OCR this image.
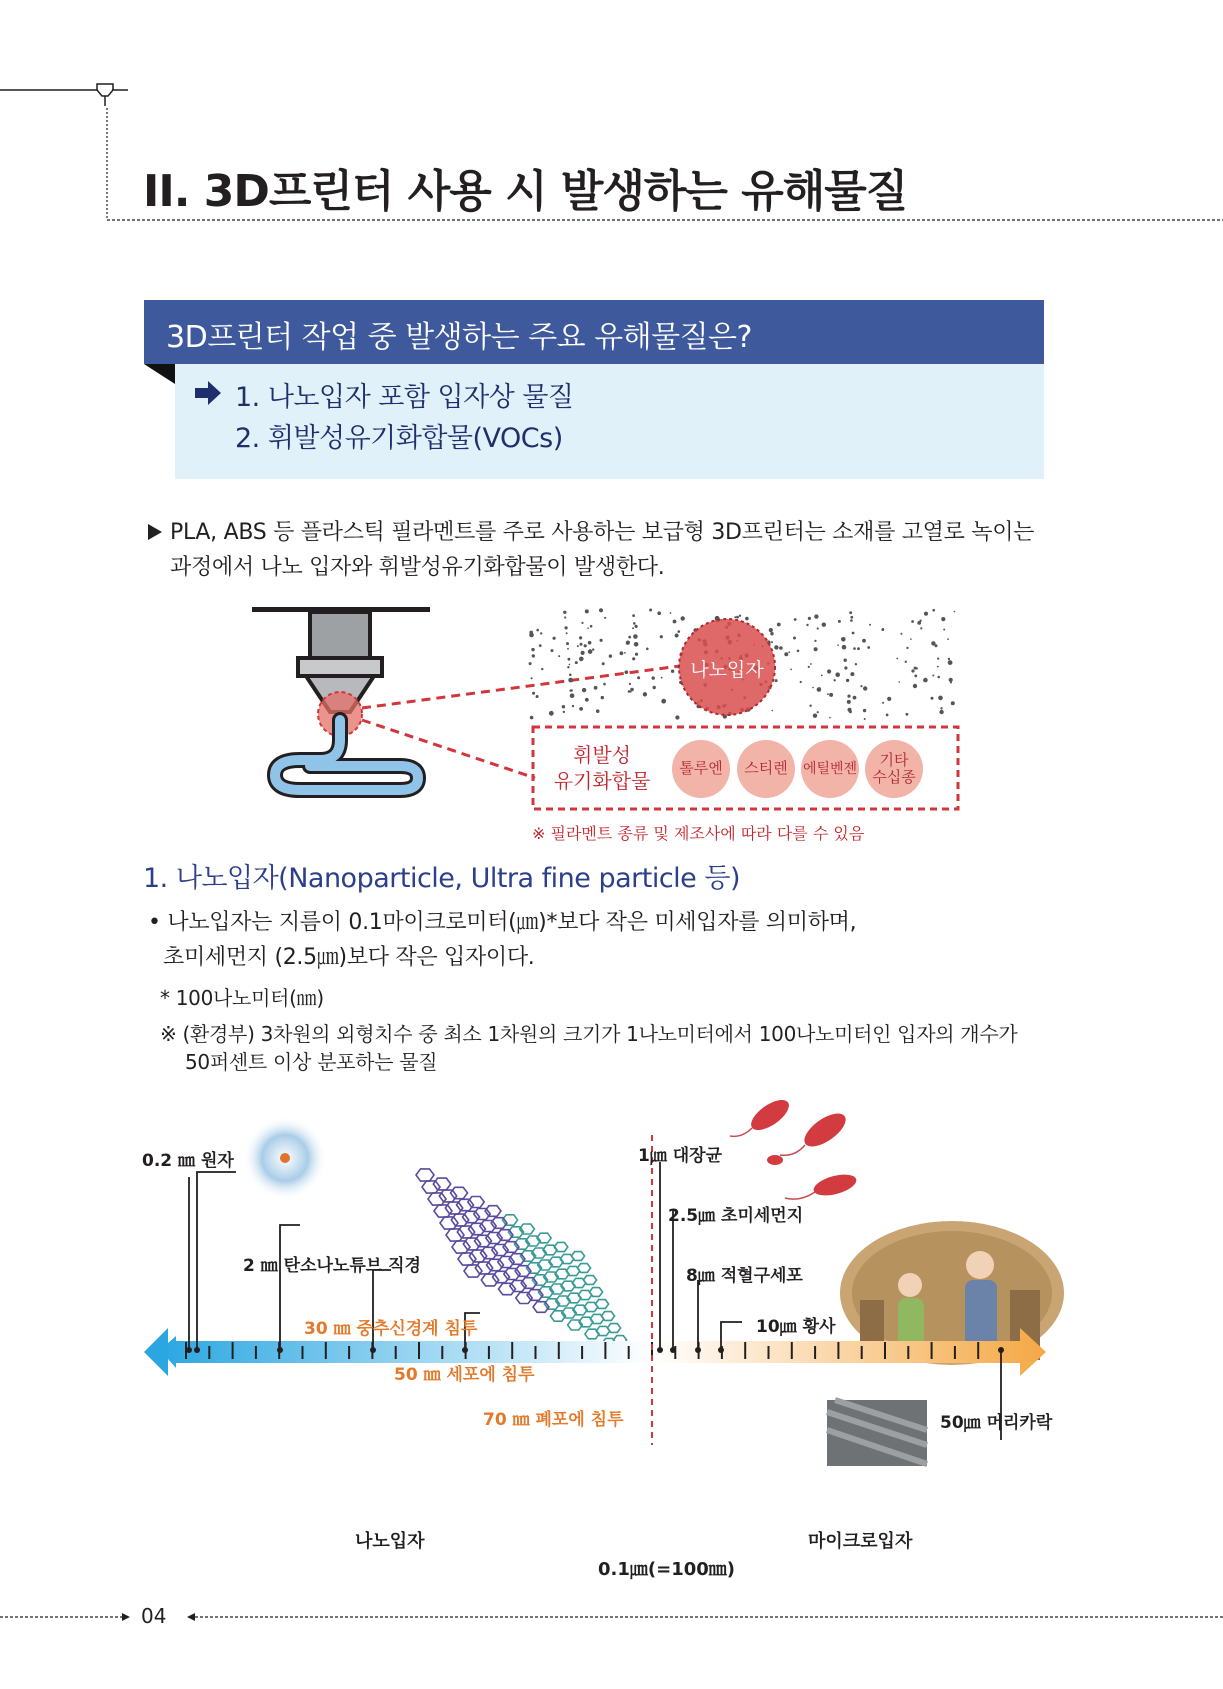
II. 3D프린터 사용 시 발생하는 유해물질
3D프린터 작업 중 발생하는 주요 유해물질은?
1. 나노입자 포함 입자상 물질
2. 휘발성유기화합물(VOCs)
PLA, ABS 등 플라스틱 필라멘트를 주로 사용하는 보급형 3D프린터는 소재를 고열로 녹이는
과정에서 나노 입자와 휘발성유기화합물이 발생한다.
나노입자
휘발성
유기화합물
톨루엔 스티렌 에틸벤젠
기타
수십종
※ 필라멘트 종류 및 제조사에 따라 다를 수 있음
1. 나노입자(Nanoparticle, Ultra fine particle 등)
• 나노입자는 지름이 0.1마이크로미터(㎛)*보다 작은 미세입자를 의미하며,
초미세먼지 (2.5㎛)보다 작은 입자이다.
* 100나노미터(㎚)
※ (환경부) 3차원의 외형치수 중 최소 1차원의 크기가 1나노미터에서 100나노미터인 입자의 개수가
50퍼센트 이상 분포하는 물질
0.2 ㎚ 원자
2 ㎚ 탄소나노튜브 직경
30 ㎚ 중추신경계 침투
50 ㎚ 세포에 침투
70 ㎚ 폐포에 침투
1㎛ 대장균
2.5㎛ 초미세먼지
8㎛ 적혈구세포
10㎛ 황사
50㎛ 머리카락
나노입자	마이크로입자
0.1㎛(=100㎚)
04
